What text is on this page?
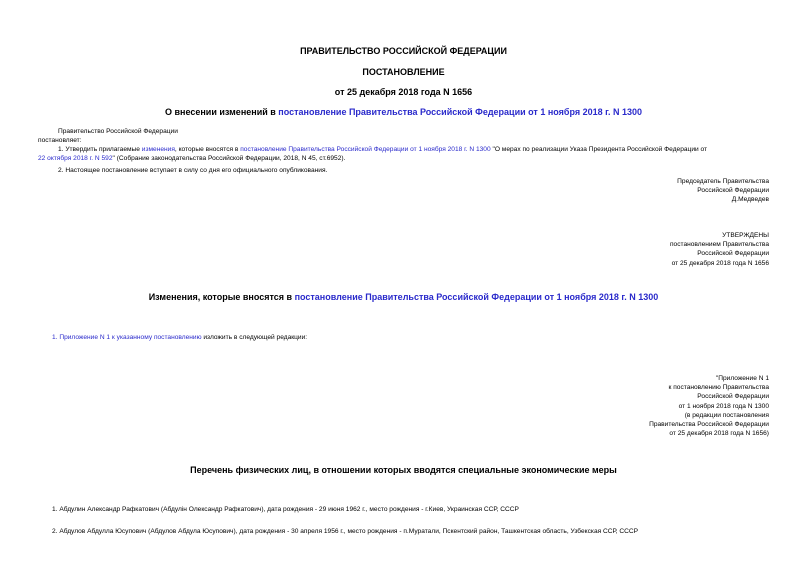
ПРАВИТЕЛЬСТВО РОССИЙСКОЙ ФЕДЕРАЦИИ
ПОСТАНОВЛЕНИЕ
от 25 декабря 2018 года N 1656
О внесении изменений в постановление Правительства Российской Федерации от 1 ноября 2018 г. N 1300
Правительство Российской Федерации
постановляет:
1. Утвердить прилагаемые изменения, которые вносятся в постановление Правительства Российской Федерации от 1 ноября 2018 г. N 1300 "О мерах по реализации Указа Президента Российской Федерации от
22 октября 2018 г. N 592" (Собрание законодательства Российской Федерации, 2018, N 45, ст.6952).
2. Настоящее постановление вступает в силу со дня его официального опубликования.
Председатель Правительства
Российской Федерации
Д.Медведев
УТВЕРЖДЕНЫ
постановлением Правительства
Российской Федерации
от 25 декабря 2018 года N 1656
Изменения, которые вносятся в постановление Правительства Российской Федерации от 1 ноября 2018 г. N 1300
1. Приложение N 1 к указанному постановлению изложить в следующей редакции:
"Приложение N 1
к постановлению Правительства
Российской Федерации
от 1 ноября 2018 года N 1300
(в редакции постановления
Правительства Российской Федерации
от 25 декабря 2018 года N 1656)
Перечень физических лиц, в отношении которых вводятся специальные экономические меры
1. Абдулин Александр Рафкатович (Абдулiн Олександр Рафкатович), дата рождения - 29 июня 1962 г., место рождения - г.Киев, Украинская ССР, СССР
2. Абдулов Абдулла Юсупович (Абдулов Абдула Юсупович), дата рождения - 30 апреля 1956 г., место рождения - п.Муратали, Пскентский район, Ташкентская область, Узбекская ССР, СССР
